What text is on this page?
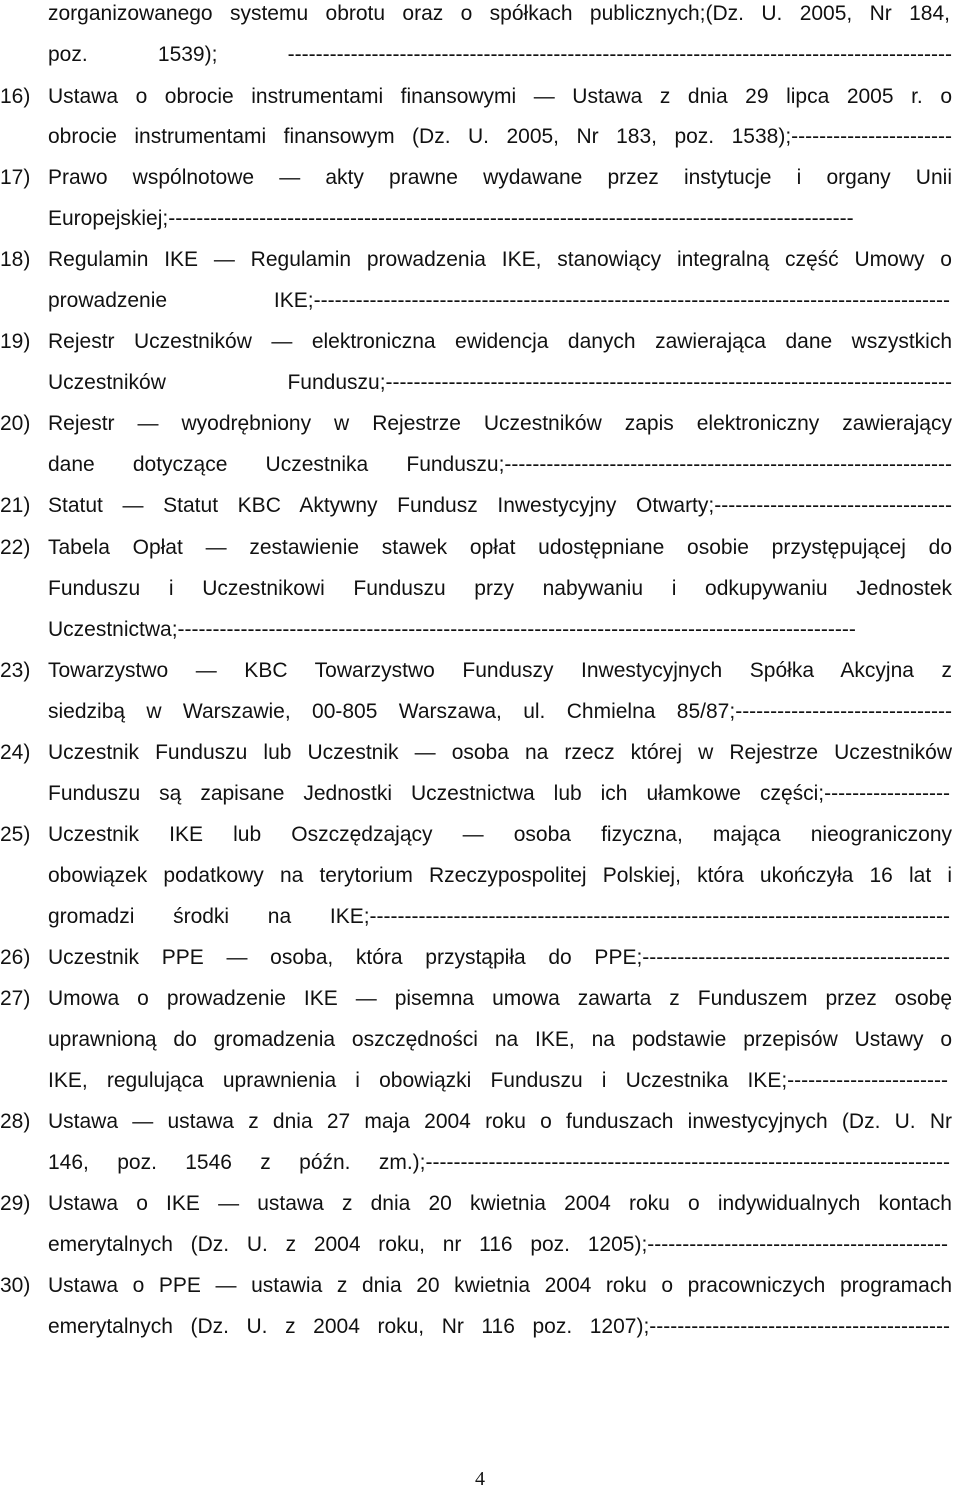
zorganizowanego systemu obrotu oraz o spółkach publicznych;(Dz. U. 2005, Nr 184,
poz. 1539); -----------------------------------------------------------------------------------------------
16) Ustawa o obrocie instrumentami finansowymi — Ustawa z dnia 29 lipca 2005 r. o
obrocie instrumentami finansowym (Dz. U. 2005, Nr 183, poz. 1538);-----------------------
17) Prawo wspólnotowe — akty prawne wydawane przez instytucje i organy Unii
Europejskiej;--------------------------------------------------------------------------------------------------
18) Regulamin IKE — Regulamin prowadzenia IKE, stanowiący integralną część Umowy o
prowadzenie IKE;-------------------------------------------------------------------------------------------
19) Rejestr Uczestników — elektroniczna ewidencja danych zawierająca dane wszystkich
Uczestników Funduszu;---------------------------------------------------------------------------------
20) Rejestr — wyodrębniony w Rejestrze Uczestników zapis elektroniczny zawierający
dane dotyczące Uczestnika Funduszu;----------------------------------------------------------------
21) Statut — Statut KBC Aktywny Fundusz Inwestycyjny Otwarty;----------------------------------
22) Tabela Opłat — zestawienie stawek opłat udostępniane osobie przystępującej do
Funduszu i Uczestnikowi Funduszu przy nabywaniu i odkupywaniu Jednostek
Uczestnictwa;-------------------------------------------------------------------------------------------------
23) Towarzystwo — KBC Towarzystwo Funduszy Inwestycyjnych Spółka Akcyjna z
siedzibą w Warszawie, 00-805 Warszawa, ul. Chmielna 85/87;-------------------------------
24) Uczestnik Funduszu lub Uczestnik — osoba na rzecz której w Rejestrze Uczestników
Funduszu są zapisane Jednostki Uczestnictwa lub ich ułamkowe części;------------------
25) Uczestnik IKE lub Oszczędzający — osoba fizyczna, mająca nieograniczony
obowiązek podatkowy na terytorium Rzeczypospolitej Polskiej, która ukończyła 16 lat i
gromadzi środki na IKE;-----------------------------------------------------------------------------------
26) Uczestnik PPE — osoba, która przystąpiła do PPE;--------------------------------------------
27) Umowa o prowadzenie IKE — pisemna umowa zawarta z Funduszem przez osobę
uprawnioną do gromadzenia oszczędności na IKE, na podstawie przepisów Ustawy o
IKE, regulująca uprawnienia i obowiązki Funduszu i Uczestnika IKE;-----------------------
28) Ustawa — ustawa z dnia 27 maja 2004 roku o funduszach inwestycyjnych (Dz. U. Nr
146, poz. 1546 z późn. zm.);---------------------------------------------------------------------------
29) Ustawa o IKE — ustawa z dnia 20 kwietnia 2004 roku o indywidualnych kontach
emerytalnych (Dz. U. z 2004 roku, nr 116 poz. 1205);-------------------------------------------
30) Ustawa o PPE — ustawia z dnia 20 kwietnia 2004 roku o pracowniczych programach
emerytalnych (Dz. U. z 2004 roku, Nr 116 poz. 1207);-------------------------------------------
4
